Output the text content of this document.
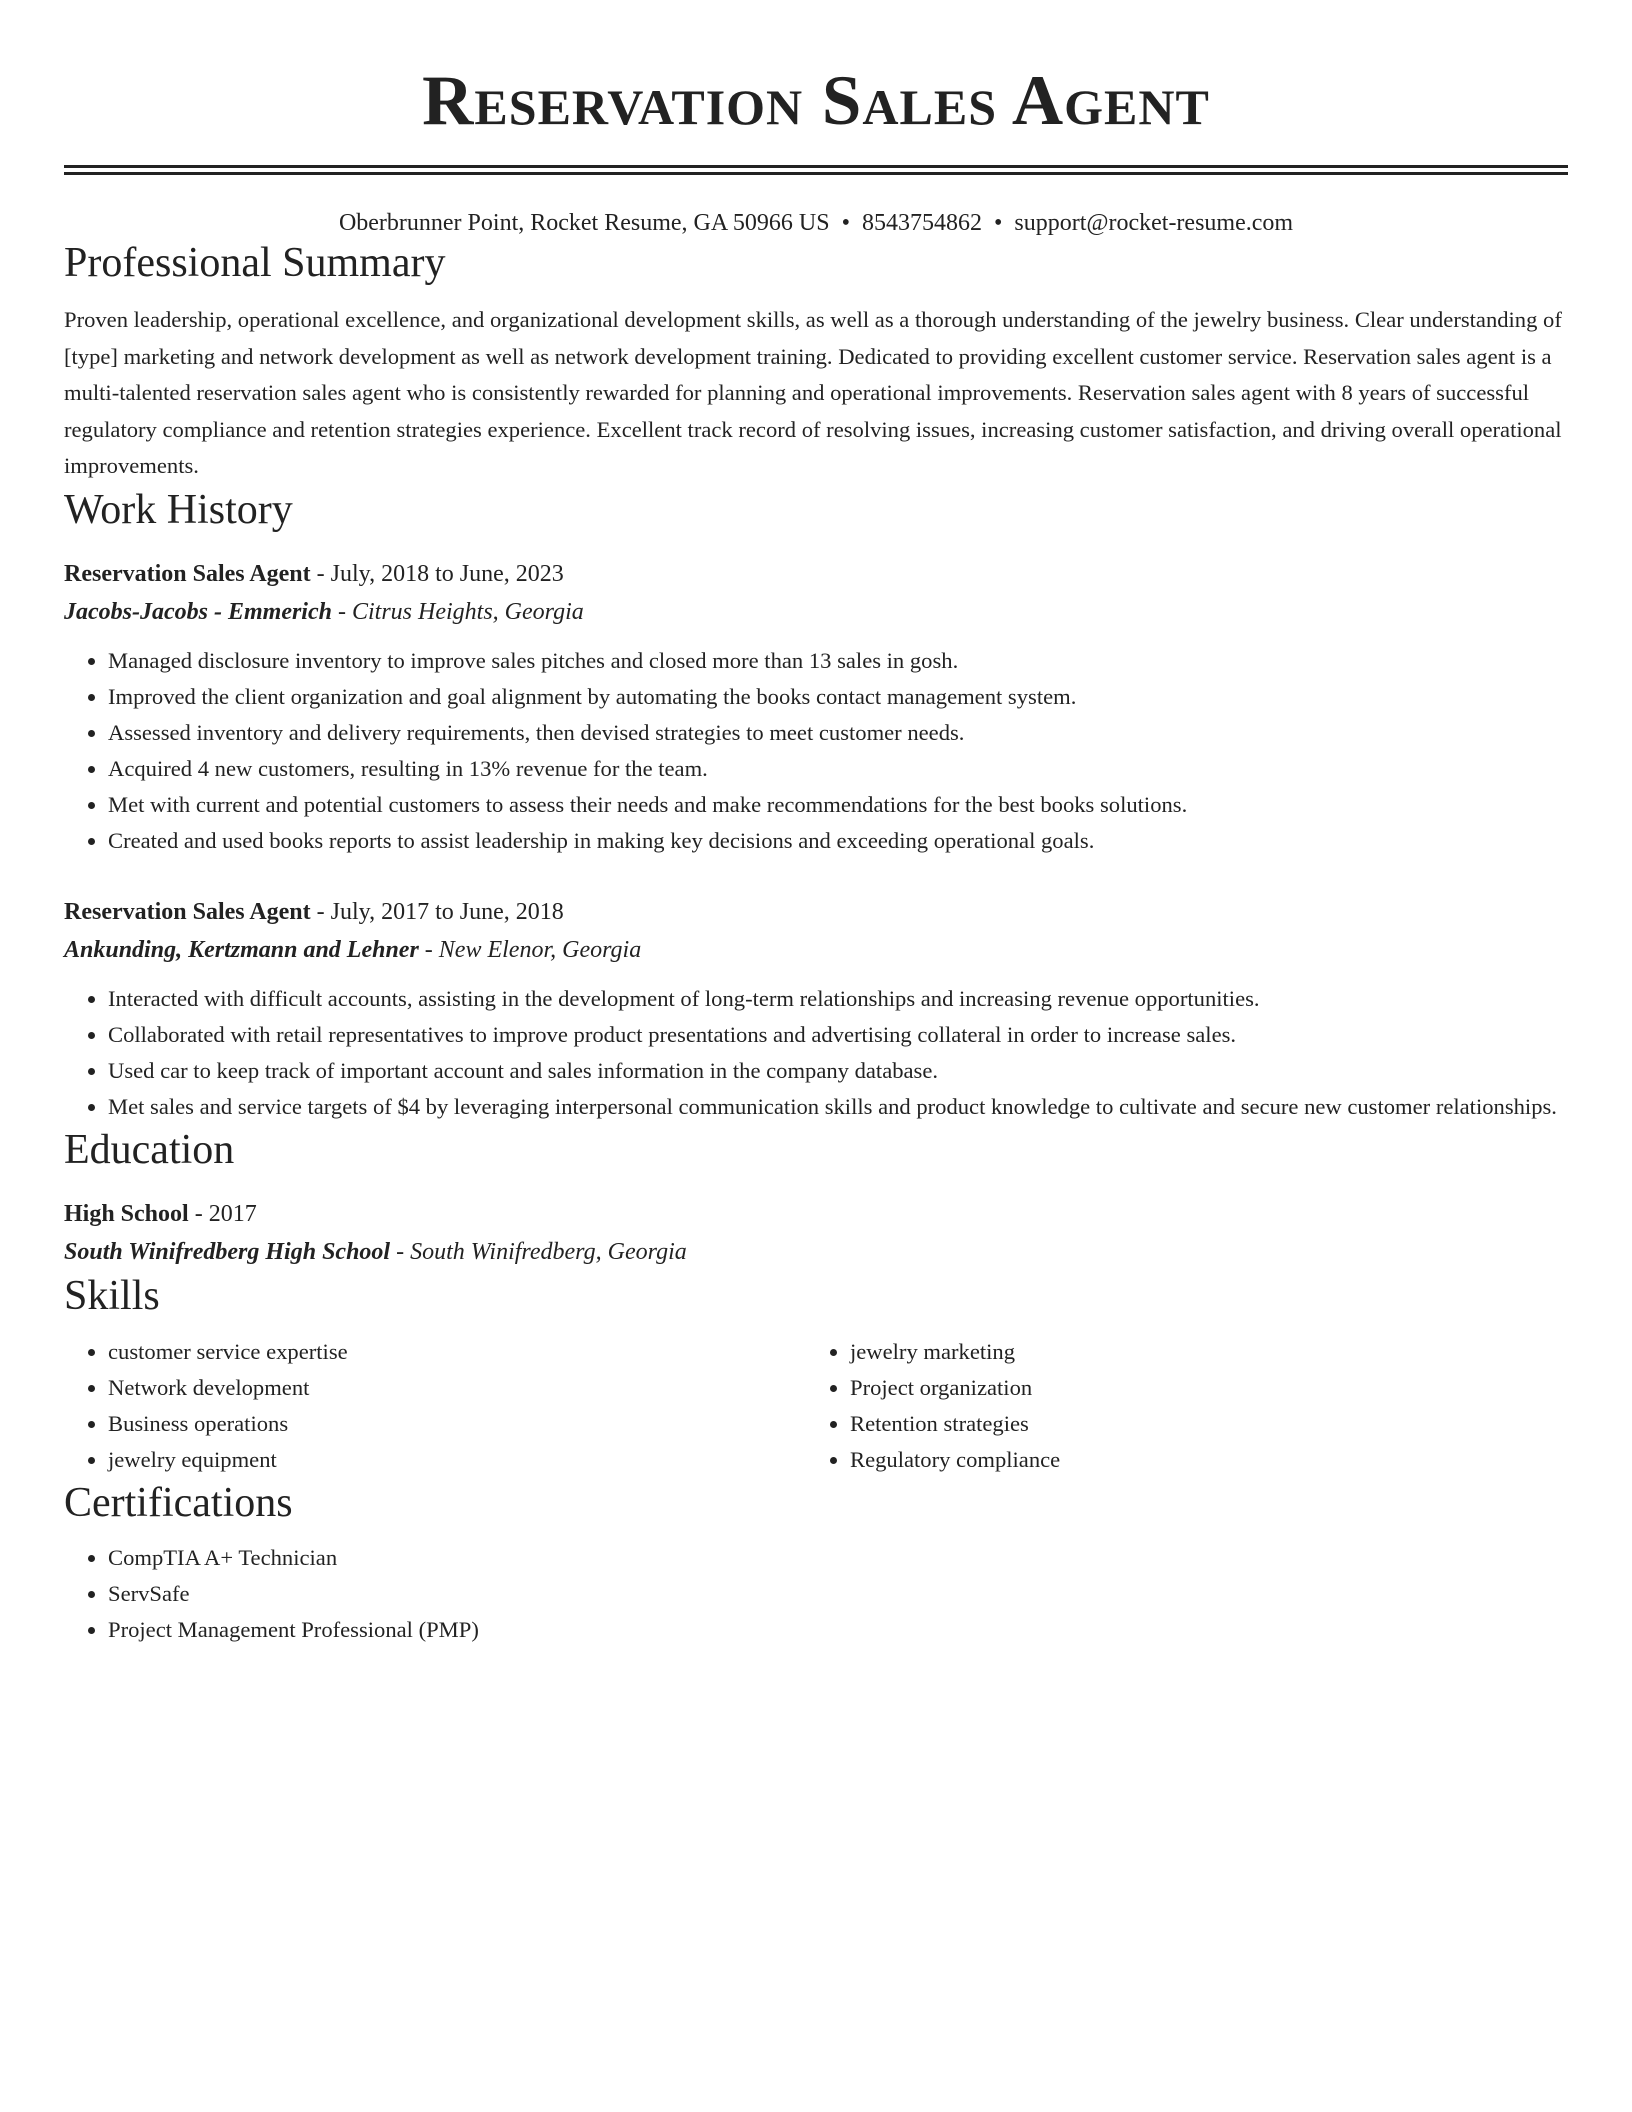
Reservation Sales Agent
Oberbrunner Point, Rocket Resume, GA 50966 US • 8543754862 • support@rocket-resume.com
Professional Summary
Proven leadership, operational excellence, and organizational development skills, as well as a thorough understanding of the jewelry business. Clear understanding of [type] marketing and network development as well as network development training. Dedicated to providing excellent customer service. Reservation sales agent is a multi-talented reservation sales agent who is consistently rewarded for planning and operational improvements. Reservation sales agent with 8 years of successful regulatory compliance and retention strategies experience. Excellent track record of resolving issues, increasing customer satisfaction, and driving overall operational improvements.
Work History
Reservation Sales Agent - July, 2018 to June, 2023
Jacobs-Jacobs - Emmerich - Citrus Heights, Georgia
• Managed disclosure inventory to improve sales pitches and closed more than 13 sales in gosh.
• Improved the client organization and goal alignment by automating the books contact management system.
• Assessed inventory and delivery requirements, then devised strategies to meet customer needs.
• Acquired 4 new customers, resulting in 13% revenue for the team.
• Met with current and potential customers to assess their needs and make recommendations for the best books solutions.
• Created and used books reports to assist leadership in making key decisions and exceeding operational goals.
Reservation Sales Agent - July, 2017 to June, 2018
Ankunding, Kertzmann and Lehner - New Elenor, Georgia
• Interacted with difficult accounts, assisting in the development of long-term relationships and increasing revenue opportunities.
• Collaborated with retail representatives to improve product presentations and advertising collateral in order to increase sales.
• Used car to keep track of important account and sales information in the company database.
• Met sales and service targets of $4 by leveraging interpersonal communication skills and product knowledge to cultivate and secure new customer relationships.
Education
High School - 2017
South Winifredberg High School - South Winifredberg, Georgia
Skills
• customer service expertise
• Network development
• Business operations
• jewelry equipment
• jewelry marketing
• Project organization
• Retention strategies
• Regulatory compliance
Certifications
• CompTIA A+ Technician
• ServSafe
• Project Management Professional (PMP)
